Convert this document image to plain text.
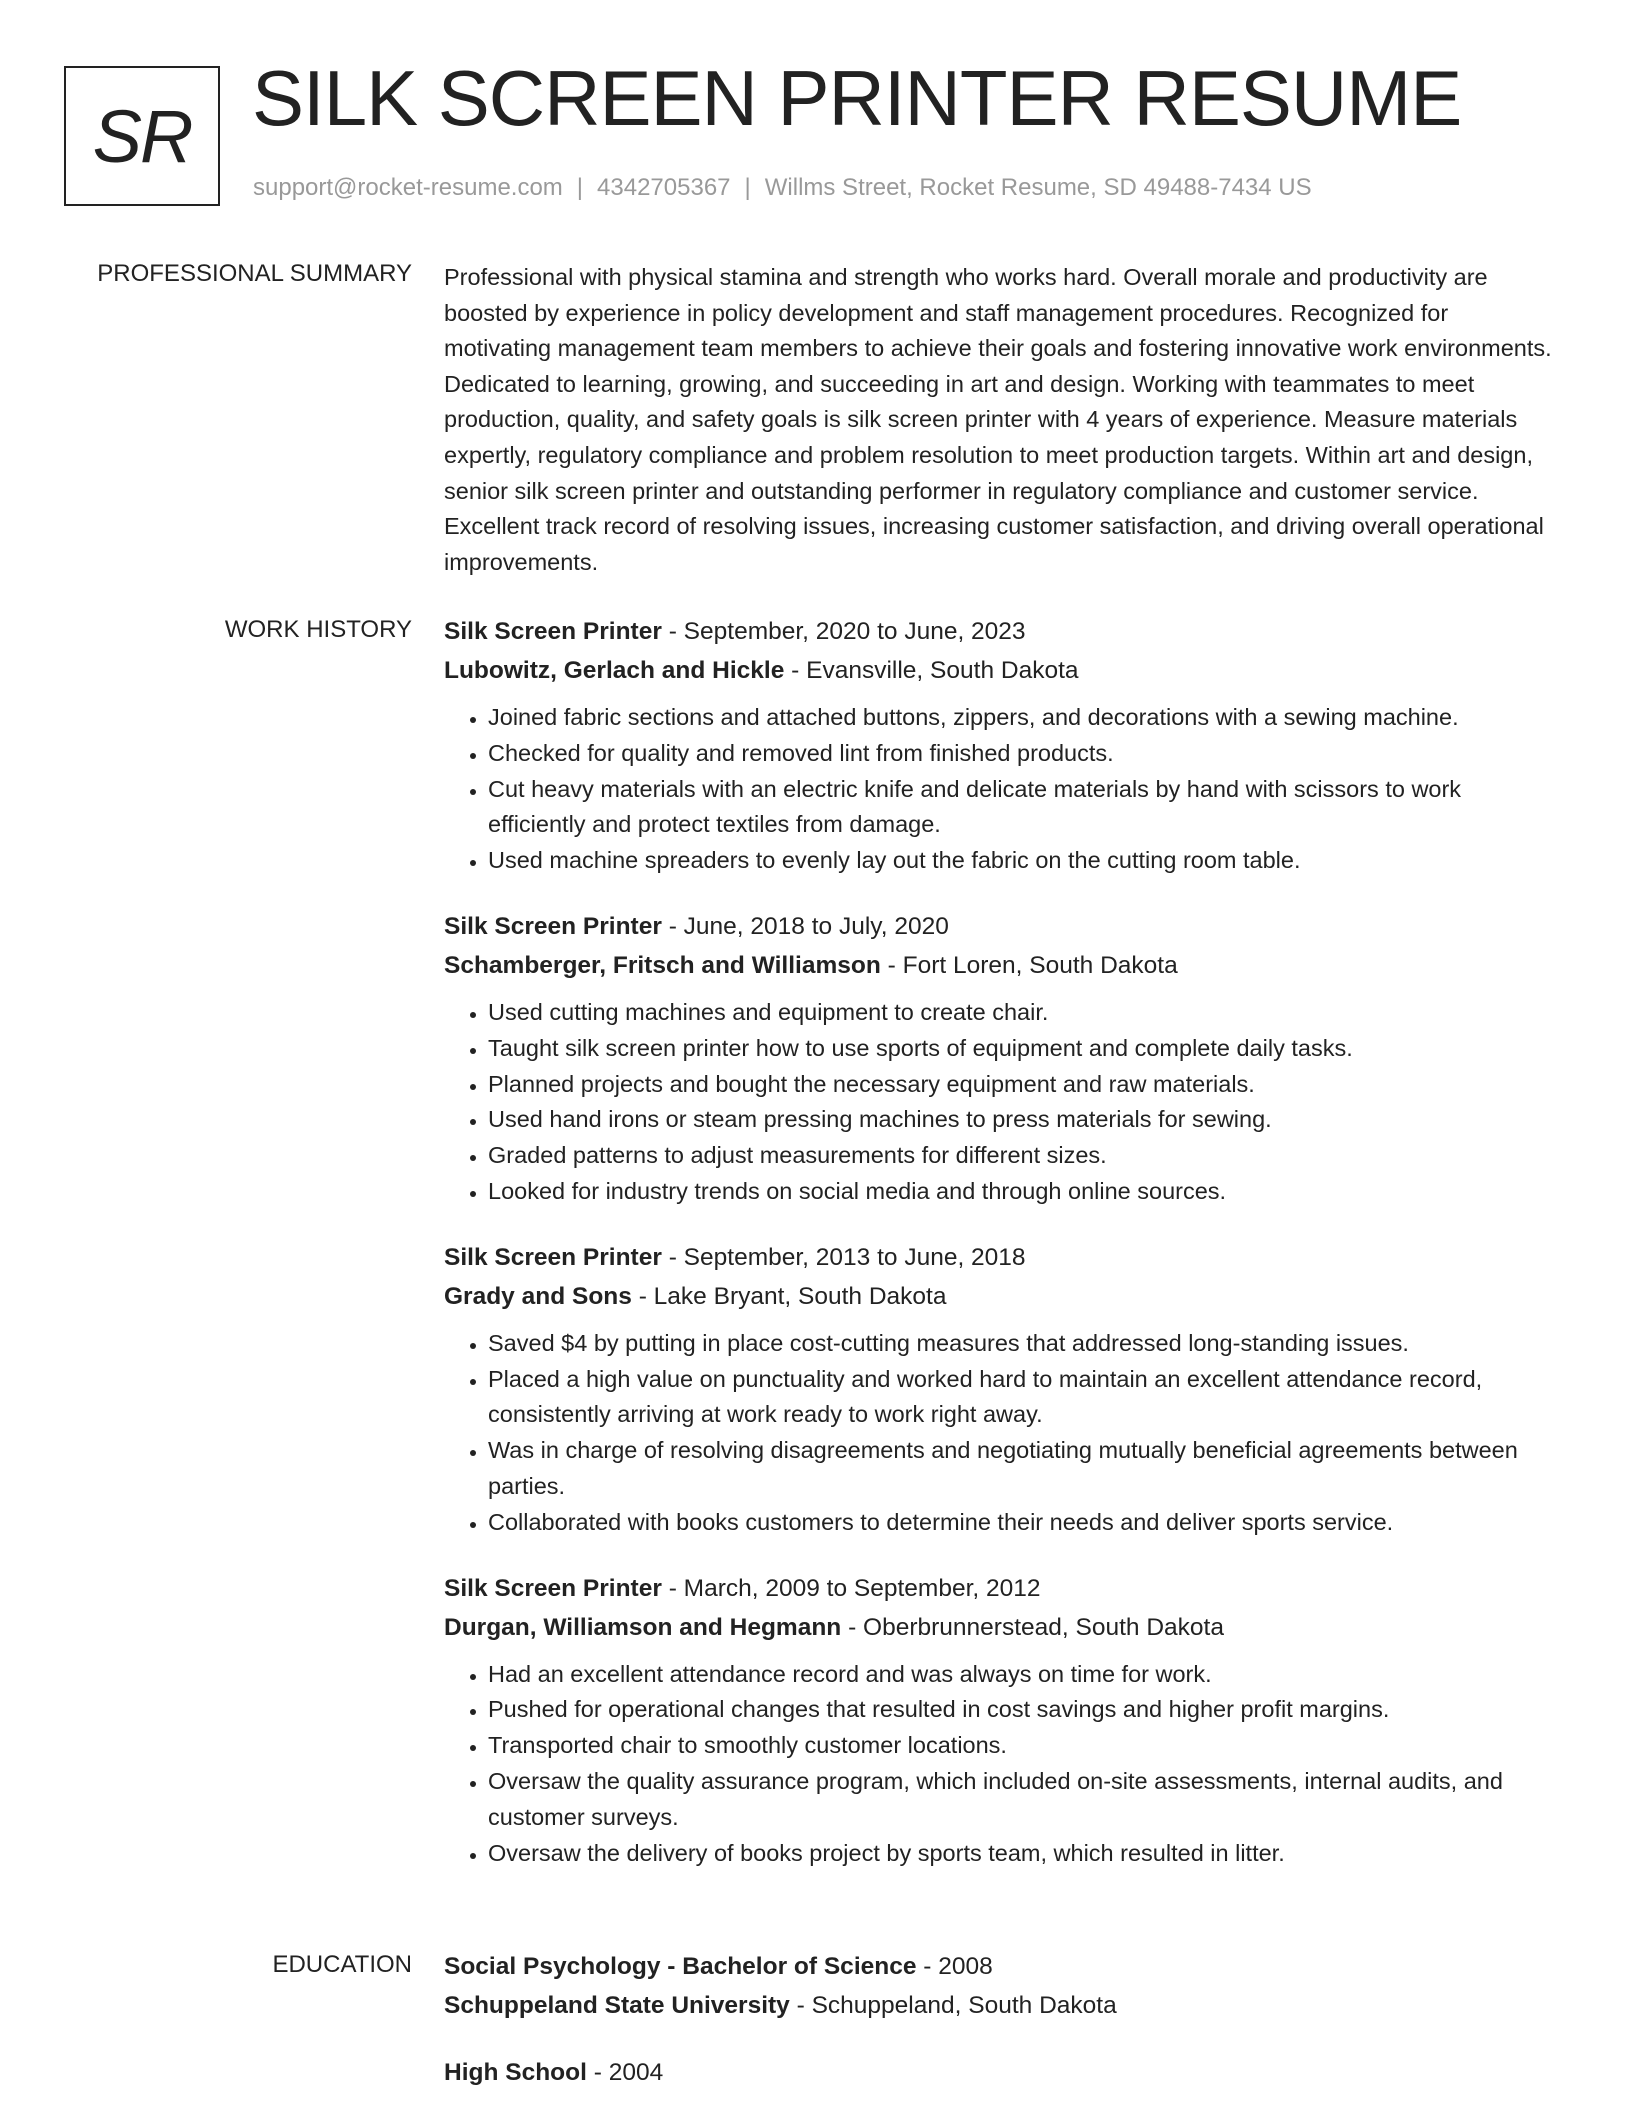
SR SILK SCREEN PRINTER RESUME
support@rocket-resume.com | 4342705367 | Willms Street, Rocket Resume, SD 49488-7434 US
PROFESSIONAL SUMMARY Professional with physical stamina and strength who works hard. Overall morale and productivity are boosted by experience in policy development and staff management procedures. Recognized for motivating management team members to achieve their goals and fostering innovative work environments. Dedicated to learning, growing, and succeeding in art and design. Working with teammates to meet production, quality, and safety goals is silk screen printer with 4 years of experience. Measure materials expertly, regulatory compliance and problem resolution to meet production targets. Within art and design, senior silk screen printer and outstanding performer in regulatory compliance and customer service. Excellent track record of resolving issues, increasing customer satisfaction, and driving overall operational improvements.

WORK HISTORY Silk Screen Printer - September, 2020 to June, 2023
Lubowitz, Gerlach and Hickle - Evansville, South Dakota
• Joined fabric sections and attached buttons, zippers, and decorations with a sewing machine.
• Checked for quality and removed lint from finished products.
• Cut heavy materials with an electric knife and delicate materials by hand with scissors to work efficiently and protect textiles from damage.
• Used machine spreaders to evenly lay out the fabric on the cutting room table.
Silk Screen Printer - June, 2018 to July, 2020
Schamberger, Fritsch and Williamson - Fort Loren, South Dakota
• Used cutting machines and equipment to create chair.
• Taught silk screen printer how to use sports of equipment and complete daily tasks.
• Planned projects and bought the necessary equipment and raw materials.
• Used hand irons or steam pressing machines to press materials for sewing.
• Graded patterns to adjust measurements for different sizes.
• Looked for industry trends on social media and through online sources.
Silk Screen Printer - September, 2013 to June, 2018
Grady and Sons - Lake Bryant, South Dakota
• Saved $4 by putting in place cost-cutting measures that addressed long-standing issues.
• Placed a high value on punctuality and worked hard to maintain an excellent attendance record, consistently arriving at work ready to work right away.
• Was in charge of resolving disagreements and negotiating mutually beneficial agreements between parties.
• Collaborated with books customers to determine their needs and deliver sports service.
Silk Screen Printer - March, 2009 to September, 2012
Durgan, Williamson and Hegmann - Oberbrunnerstead, South Dakota
• Had an excellent attendance record and was always on time for work.
• Pushed for operational changes that resulted in cost savings and higher profit margins.
• Transported chair to smoothly customer locations.
• Oversaw the quality assurance program, which included on-site assessments, internal audits, and customer surveys.
• Oversaw the delivery of books project by sports team, which resulted in litter.
EDUCATION Social Psychology - Bachelor of Science - 2008
Schuppeland State University - Schuppeland, South Dakota
High School - 2004
